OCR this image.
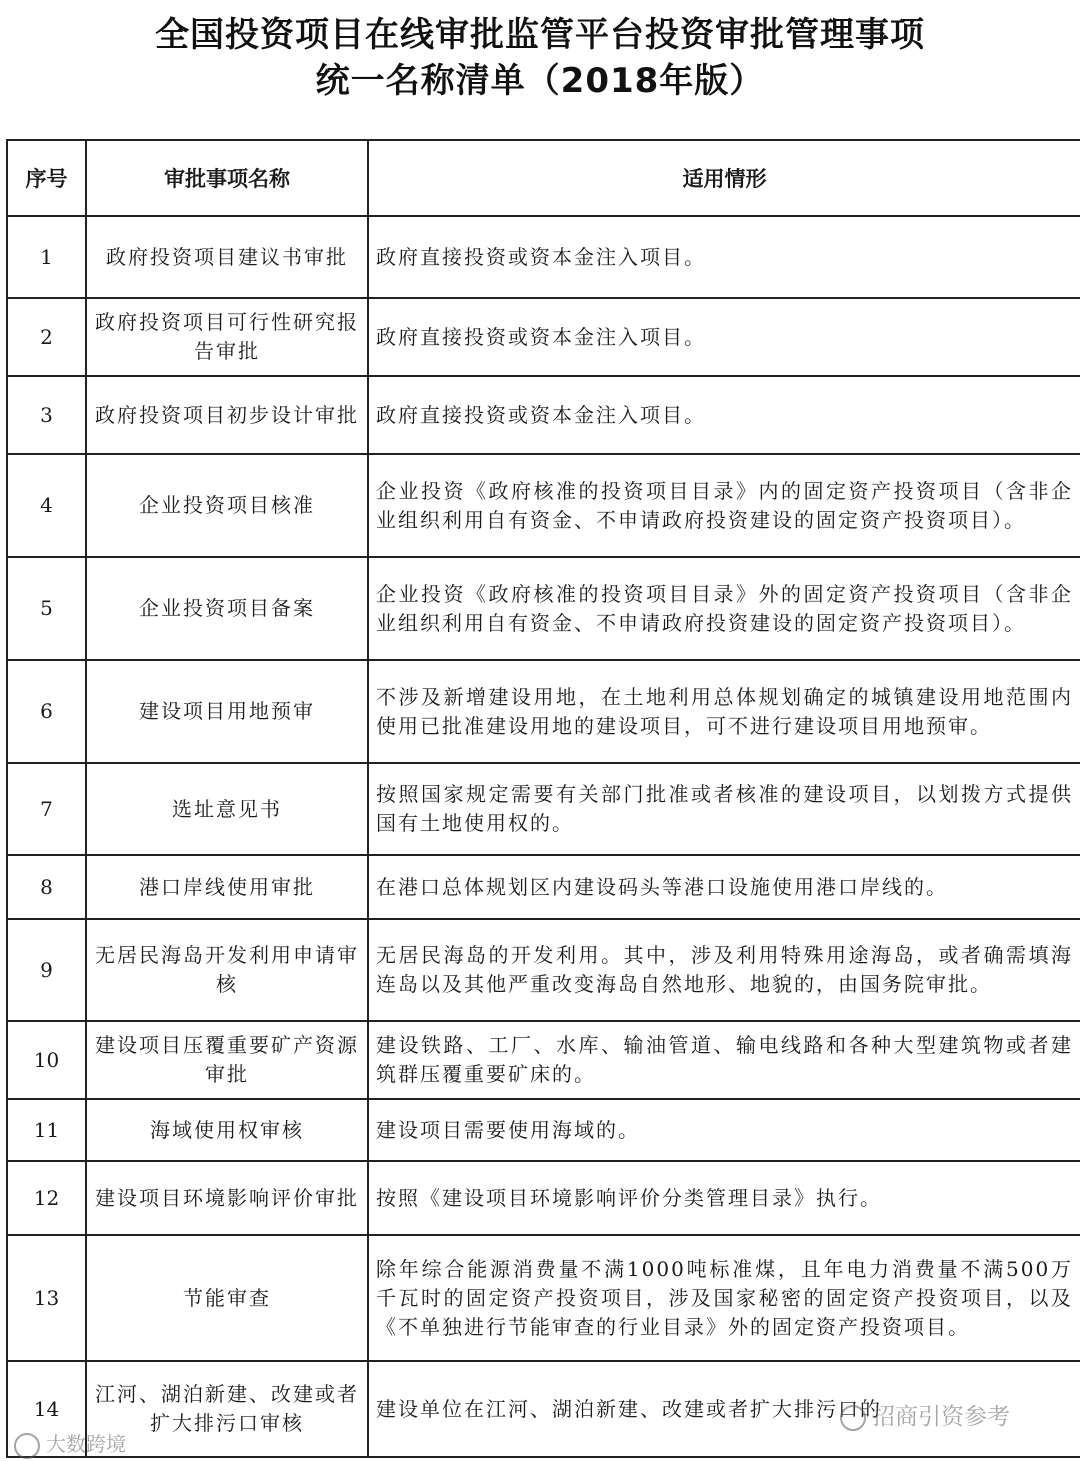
全国投资项目在线审批监管平台投资审批管理事项
统一名称清单（2018年版）
序号	审批事项名称	适用情形
1	政府投资项目建议书审批	政府直接投资或资本金注入项目。
2	政府投资项目可行性研究报告审批	政府直接投资或资本金注入项目。
3	政府投资项目初步设计审批	政府直接投资或资本金注入项目。
4	企业投资项目核准	企业投资《政府核准的投资项目目录》内的固定资产投资项目（含非企业组织利用自有资金、不申请政府投资建设的固定资产投资项目）。
5	企业投资项目备案	企业投资《政府核准的投资项目目录》外的固定资产投资项目（含非企业组织利用自有资金、不申请政府投资建设的固定资产投资项目）。
6	建设项目用地预审	不涉及新增建设用地，在土地利用总体规划确定的城镇建设用地范围内使用已批准建设用地的建设项目，可不进行建设项目用地预审。
7	选址意见书	按照国家规定需要有关部门批准或者核准的建设项目，以划拨方式提供国有土地使用权的。
8	港口岸线使用审批	在港口总体规划区内建设码头等港口设施使用港口岸线的。
9	无居民海岛开发利用申请审核	无居民海岛的开发利用。其中，涉及利用特殊用途海岛，或者确需填海连岛以及其他严重改变海岛自然地形、地貌的，由国务院审批。
10	建设项目压覆重要矿产资源审批	建设铁路、工厂、水库、输油管道、输电线路和各种大型建筑物或者建筑群压覆重要矿床的。
11	海域使用权审核	建设项目需要使用海域的。
12	建设项目环境影响评价审批	按照《建设项目环境影响评价分类管理目录》执行。
13	节能审查	除年综合能源消费量不满1000吨标准煤，且年电力消费量不满500万千瓦时的固定资产投资项目，涉及国家秘密的固定资产投资项目，以及《不单独进行节能审查的行业目录》外的固定资产投资项目。
14	江河、湖泊新建、改建或者扩大排污口审核	建设单位在江河、湖泊新建、改建或者扩大排污口的
大数跨境
招商引资参考
